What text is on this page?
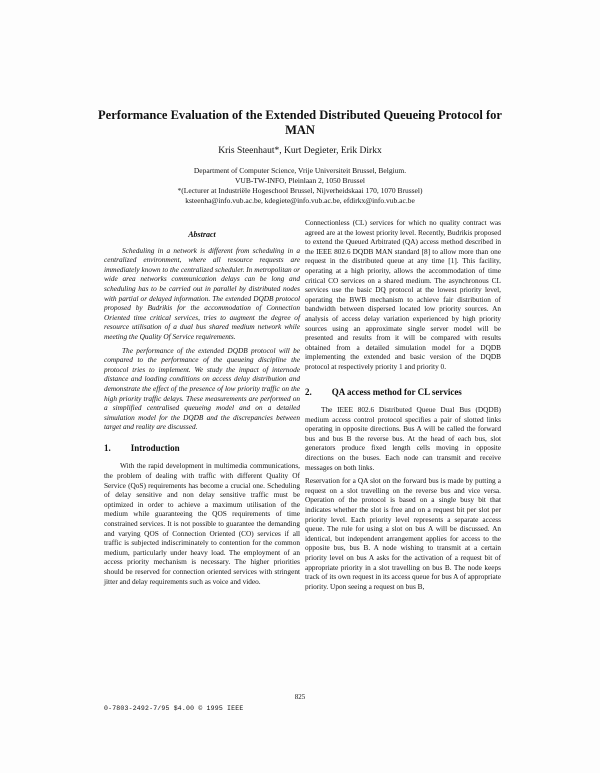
Performance Evaluation of the Extended Distributed Queueing Protocol for MAN
Kris Steenhaut*, Kurt Degieter, Erik Dirkx
Department of Computer Science, Vrije Universiteit Brussel, Belgium.
VUB-TW-INFO, Pleinlaan 2, 1050 Brussel
*(Lecturer at Industriële Hogeschool Brussel, Nijverheidskaai 170, 1070 Brussel)
ksteenha@info.vub.ac.be, kdegiete@info.vub.ac.be, efdirkx@info.vub.ac.be
Abstract

Scheduling in a network is different from scheduling in a centralized environment, where all resource requests are immediately known to the centralized scheduler. In metropolitan or wide area networks communication delays can be long and scheduling has to be carried out in parallel by distributed nodes with partial or delayed information. The extended DQDB protocol proposed by Budrikis for the accommodation of Connection Oriented time critical services, tries to augment the degree of resource utilisation of a dual bus shared medium network while meeting the Quality Of Service requirements.

The performance of the extended DQDB protocol will be compared to the performance of the queueing discipline the protocol tries to implement. We study the impact of internode distance and loading conditions on access delay distribution and demonstrate the effect of the presence of low priority traffic on the high priority traffic delays. These measurements are performed on a simplified centralised queueing model and on a detailed simulation model for the DQDB and the discrepancies between target and reality are discussed.

1. Introduction

With the rapid development in multimedia communications, the problem of dealing with traffic with different Quality Of Service (QoS) requirements has become a crucial one. Scheduling of delay sensitive and non delay sensitive traffic must be optimized in order to achieve a maximum utilisation of the medium while guaranteeing the QOS requirements of time constrained services. It is not possible to guarantee the demanding and varying QOS of Connection Oriented (CO) services if all traffic is subjected indiscriminately to contention for the common medium, particularly under heavy load. The employment of an access priority mechanism is necessary. The higher priorities should be reserved for connection oriented services with stringent jitter and delay requirements such as voice and video.

Connectionless (CL) services for which no quality contract was agreed are at the lowest priority level. Recently, Budrikis proposed to extend the Queued Arbitrated (QA) access method described in the IEEE 802.6 DQDB MAN standard [8] to allow more than one request in the distributed queue at any time [1]. This facility, operating at a high priority, allows the accommodation of time critical CO services on a shared medium. The asynchronous CL services use the basic DQ protocol at the lowest priority level, operating the BWB mechanism to achieve fair distribution of bandwidth between dispersed located low priority sources. An analysis of access delay variation experienced by high priority sources using an approximate single server model will be presented and results from it will be compared with results obtained from a detailed simulation model for a DQDB implementing the extended and basic version of the DQDB protocol at respectively priority 1 and priority 0.

2. QA access method for CL services

The IEEE 802.6 Distributed Queue Dual Bus (DQDB) medium access control protocol specifies a pair of slotted links operating in opposite directions. Bus A will be called the forward bus and bus B the reverse bus. At the head of each bus, slot generators produce fixed length cells moving in opposite directions on the buses. Each node can transmit and receive messages on both links.

Reservation for a QA slot on the forward bus is made by putting a request on a slot travelling on the reverse bus and vice versa. Operation of the protocol is based on a single busy bit that indicates whether the slot is free and on a request bit per slot per priority level. Each priority level represents a separate access queue. The rule for using a slot on bus A will be discussed. An identical, but independent arrangement applies for access to the opposite bus, bus B. A node wishing to transmit at a certain priority level on bus A asks for the activation of a request bit of appropriate priority in a slot travelling on bus B. The node keeps track of its own request in its access queue for bus A of appropriate priority. Upon seeing a request on bus B,

825
0-7803-2492-7/95 $4.00 © 1995 IEEE
